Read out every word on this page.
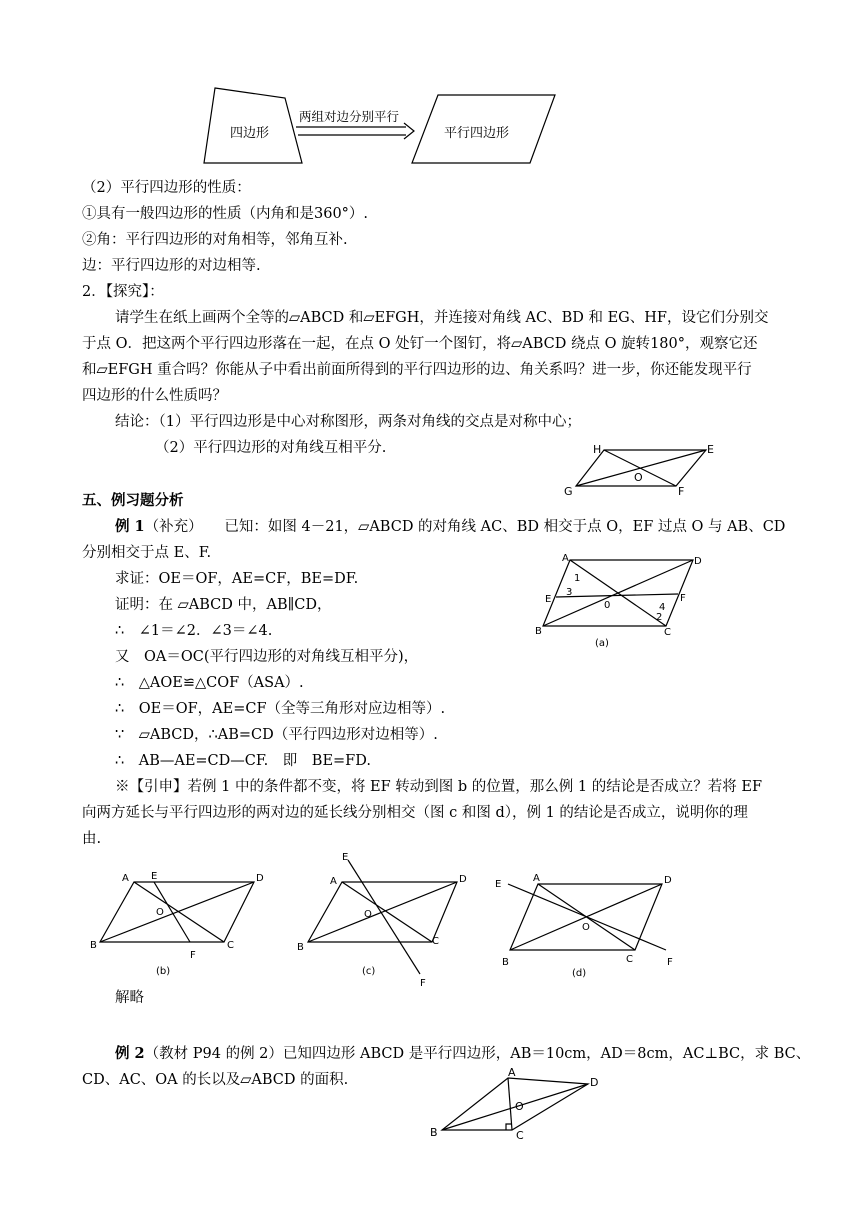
四边形
两组对边分别平行
平行四边形
（2）平行四边形的性质：
①具有一般四边形的性质（内角和是360°）.
②角：平行四边形的对角相等，邻角互补.
边：平行四边形的对边相等.
2．【探究】：
请学生在纸上画两个全等的▱ABCD 和▱EFGH，并连接对角线 AC、BD 和 EG、HF，设它们分别交
于点 O．把这两个平行四边形落在一起，在点 O 处钉一个图钉，将▱ABCD 绕点 O 旋转180°，观察它还
和▱EFGH 重合吗？你能从子中看出前面所得到的平行四边形的边、角关系吗？进一步，你还能发现平行
四边形的什么性质吗？
结论：（1）平行四边形是中心对称图形，两条对角线的交点是对称中心；
（2）平行四边形的对角线互相平分.	H	E
G	F
O
五、例习题分析
例 1（补充）　　已知：如图 4－21，▱ABCD 的对角线 AC、BD 相交于点 O，EF 过点 O 与 AB、CD
分别相交于点 E、F.
求证：OE＝OF，AE=CF，BE=DF.
证明：在 ▱ABCD 中，AB∥CD，
∴　∠1＝∠2．∠3＝∠4.
又　OA＝OC(平行四边形的对角线互相平分)，
∴　△AOE≌△COF（ASA）.
∴　OE＝OF，AE=CF（全等三角形对应边相等）.
∵　▱ABCD，∴AB=CD（平行四边形对边相等）.
∴　AB—AE=CD—CF.　即　BE=FD.
※【引申】若例 1 中的条件都不变，将 EF 转动到图 b 的位置，那么例 1 的结论是否成立？若将 EF
向两方延长与平行四边形的两对边的延长线分别相交（图 c 和图 d），例 1 的结论是否成立，说明你的理
由.
A	D
E	F
B	C
0
1
3
4
2
(a)
A E	D
O
B	C
F
(b)
E
A	D
O
B
C
F
(c)
E
A	D
O
B	C	F
(d)
解略
例 2（教材 P94 的例 2）已知四边形 ABCD 是平行四边形，AB＝10cm，AD＝8cm，AC⊥BC，求 BC、
CD、AC、OA 的长以及▱ABCD 的面积.	A
D
O
B	C
